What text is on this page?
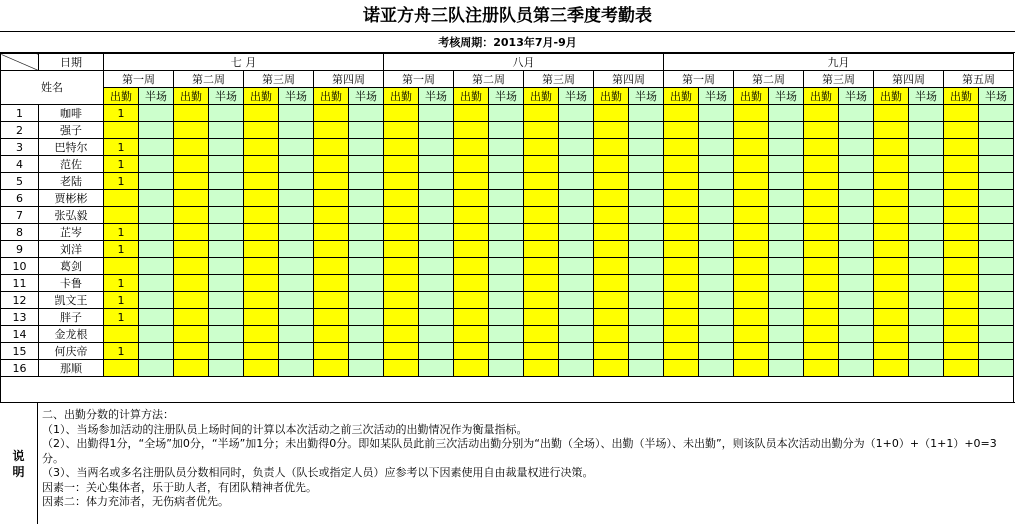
诺亚方舟三队注册队员第三季度考勤表
考核周期：2013年7月-9月
	日期	七 月								八月								九月									
姓名		第一周		第二周		第三周		第四周		第一周		第二周		第三周		第四周		第一周		第二周		第三周		第四周		第五周	
		出勤	半场	出勤	半场	出勤	半场	出勤	半场	出勤	半场	出勤	半场	出勤	半场	出勤	半场	出勤	半场	出勤	半场	出勤	半场	出勤	半场	出勤	半场
1	咖啡	1																									
2	强子																										
3	巴特尔	1																									
4	范佐	1																									
5	老陆	1																									
6	贾彬彬																										
7	张弘毅																										
8	芷岑	1																									
9	刘洋	1																									
10	葛剑																										
11	卡鲁	1																									
12	凯文王	1																									
13	胖子	1																									
14	金龙根																										
15	何庆帝	1																									
16	那顺																										

说
明
二、出勤分数的计算方法：
（1）、当场参加活动的注册队员上场时间的计算以本次活动之前三次活动的出勤情况作为衡量指标。
（2）、出勤得1分，“全场”加0分，“半场”加1分；未出勤得0分。即如某队员此前三次活动出勤分别为“出勤（全场）、出勤（半场）、未出勤”，则该队员本次活动出勤分为（1+0）+（1+1）+0=3分。
（3）、当两名或多名注册队员分数相同时，负责人（队长或指定人员）应参考以下因素使用自由裁量权进行决策。
因素一：关心集体者，乐于助人者，有团队精神者优先。
因素二：体力充沛者，无伤病者优先。
